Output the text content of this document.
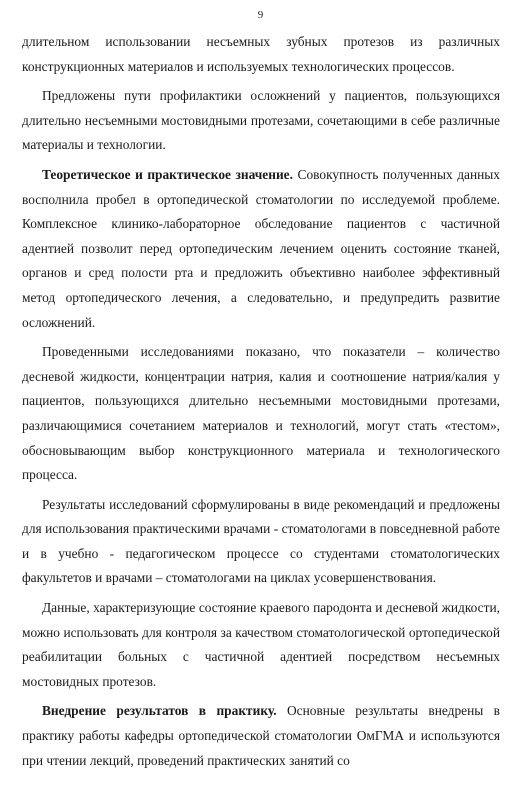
9

длительном использовании несъемных зубных протезов из различных конструкционных материалов и используемых технологических процессов.

Предложены пути профилактики осложнений у пациентов, пользующихся длительно несъемными мостовидными протезами, сочетающими в себе различные материалы и технологии.

Теоретическое и практическое значение. Совокупность полученных данных восполнила пробел в ортопедической стоматологии по исследуемой проблеме. Комплексное клинико-лабораторное обследование пациентов с частичной адентией позволит перед ортопедическим лечением оценить состояние тканей, органов и сред полости рта и предложить объективно наиболее эффективный метод ортопедического лечения, а следовательно, и предупредить развитие осложнений.

Проведенными исследованиями показано, что показатели – количество десневой жидкости, концентрации натрия, калия и соотношение натрия/калия у пациентов, пользующихся длительно несъемными мостовидными протезами, различающимися сочетанием материалов и технологий, могут стать «тестом», обосновывающим выбор конструкционного материала и технологического процесса.

Результаты исследований сформулированы в виде рекомендаций и предложены для использования практическими врачами - стоматологами в повседневной работе и в учебно - педагогическом процессе со студентами стоматологических факультетов и врачами – стоматологами на циклах усовершенствования.

Данные, характеризующие состояние краевого пародонта и десневой жидкости, можно использовать для контроля за качеством стоматологической ортопедической реабилитации больных с частичной адентией посредством несъемных мостовидных протезов.

Внедрение результатов в практику. Основные результаты внедрены в практику работы кафедры ортопедической стоматологии ОмГМА и используются при чтении лекций, проведений практических занятий со
